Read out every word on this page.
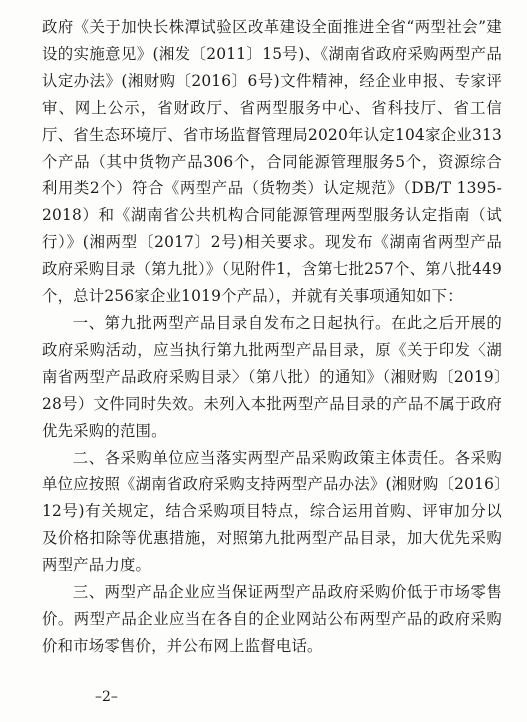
政府《关于加快长株潭试验区改革建设全面推进全省“两型社会”建设的实施意见》(湘发〔2011〕15号)、《湖南省政府采购两型产品认定办法》(湘财购〔2016〕6号)文件精神，经企业申报、专家评审、网上公示，省财政厅、省两型服务中心、省科技厅、省工信厅、省生态环境厅、省市场监督管理局2020年认定104家企业313个产品（其中货物产品306个，合同能源管理服务5个，资源综合利用类2个）符合《两型产品（货物类）认定规范》（DB/T 1395-2018）和《湖南省公共机构合同能源管理两型服务认定指南（试行）》(湘两型〔2017〕2号)相关要求。现发布《湖南省两型产品政府采购目录（第九批）》（见附件1，含第七批257个、第八批449个，总计256家企业1019个产品），并就有关事项通知如下：

一、第九批两型产品目录自发布之日起执行。在此之后开展的政府采购活动，应当执行第九批两型产品目录，原《关于印发〈湖南省两型产品政府采购目录〉（第八批）的通知》（湘财购〔2019〕28号）文件同时失效。未列入本批两型产品目录的产品不属于政府优先采购的范围。

二、各采购单位应当落实两型产品采购政策主体责任。各采购单位应按照《湖南省政府采购支持两型产品办法》(湘财购〔2016〕12号)有关规定，结合采购项目特点，综合运用首购、评审加分以及价格扣除等优惠措施，对照第九批两型产品目录，加大优先采购两型产品力度。

三、两型产品企业应当保证两型产品政府采购价低于市场零售价。两型产品企业应当在各自的企业网站公布两型产品的政府采购价和市场零售价，并公布网上监督电话。

–2–
